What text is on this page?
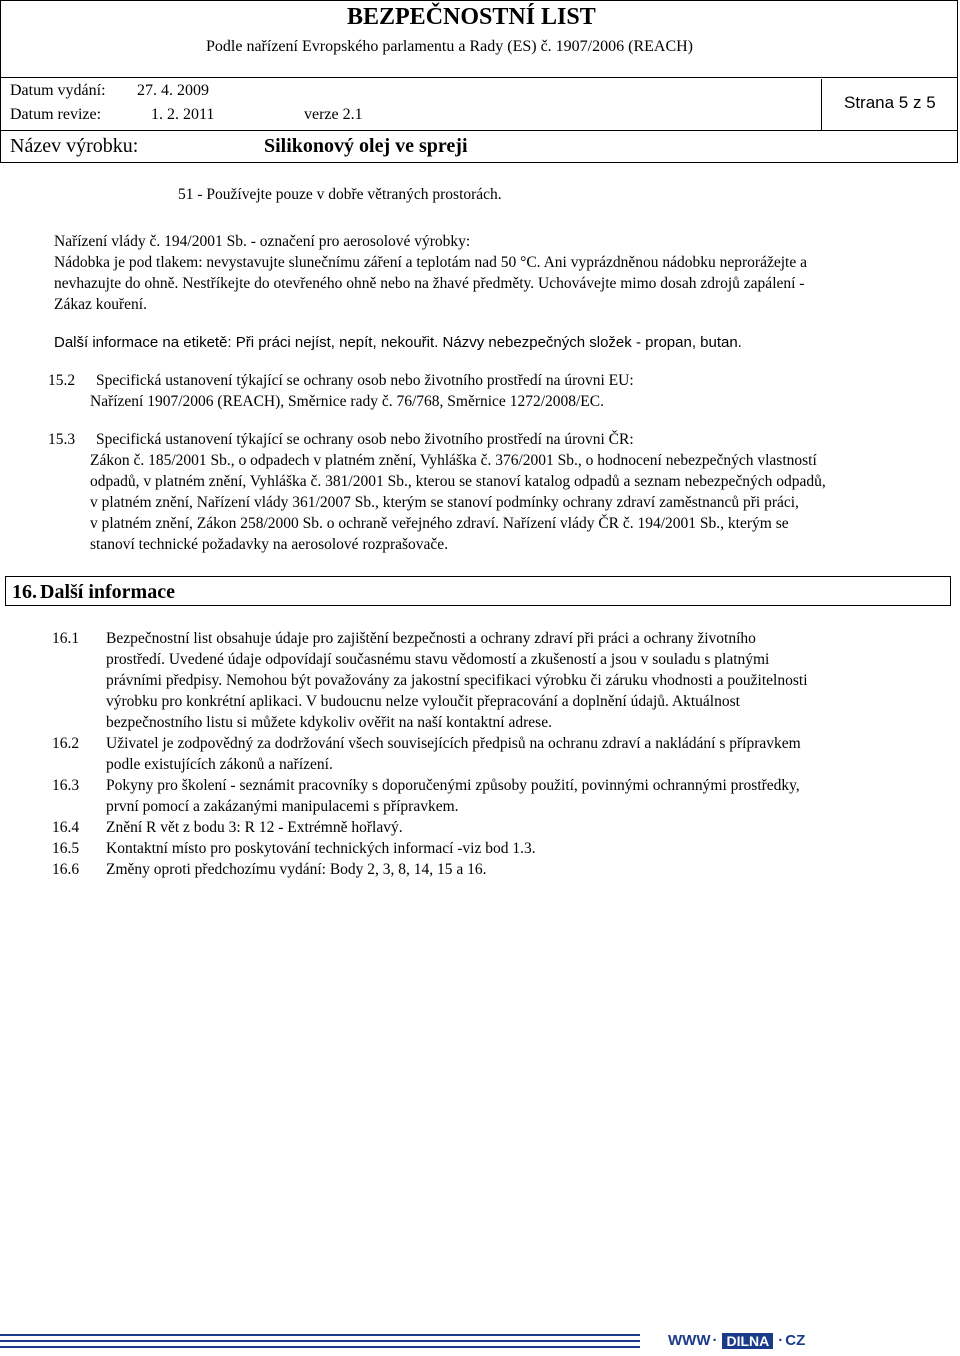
BEZPEČNOSTNÍ LIST
Podle nařízení Evropského parlamentu a Rady (ES) č. 1907/2006 (REACH)
Datum vydání: 27. 4. 2009
Datum revize:	1. 2. 2011	verze 2.1
Strana 5 z 5
Název výrobku:	Silikonový olej ve spreji
51 - Používejte pouze v dobře větraných prostorách.
Nařízení vlády č. 194/2001 Sb. - označení pro aerosolové výrobky:
Nádobka je pod tlakem: nevystavujte slunečnímu záření a teplotám nad 50 °C. Ani vyprázdněnou nádobku neprorážejte a
nevhazujte do ohně. Nestříkejte do otevřeného ohně nebo na žhavé předměty. Uchovávejte mimo dosah zdrojů zapálení -
Zákaz kouření.
Další informace na etiketě: Při práci nejíst, nepít, nekouřit. Názvy nebezpečných složek - propan, butan.
15.2 Specifická ustanovení týkající se ochrany osob nebo životního prostředí na úrovni EU:
Nařízení 1907/2006 (REACH), Směrnice rady č. 76/768, Směrnice 1272/2008/EC.
15.3 Specifická ustanovení týkající se ochrany osob nebo životního prostředí na úrovni ČR:
Zákon č. 185/2001 Sb., o odpadech v platném znění, Vyhláška č. 376/2001 Sb., o hodnocení nebezpečných vlastností
odpadů, v platném znění, Vyhláška č. 381/2001 Sb., kterou se stanoví katalog odpadů a seznam nebezpečných odpadů,
v platném znění, Nařízení vlády 361/2007 Sb., kterým se stanoví podmínky ochrany zdraví zaměstnanců při práci,
v platném znění, Zákon 258/2000 Sb. o ochraně veřejného zdraví. Nařízení vlády ČR č. 194/2001 Sb., kterým se
stanoví technické požadavky na aerosolové rozprašovače.
16. Další informace
16.1 Bezpečnostní list obsahuje údaje pro zajištění bezpečnosti a ochrany zdraví při práci a ochrany životního
prostředí. Uvedené údaje odpovídají současnému stavu vědomostí a zkušeností a jsou v souladu s platnými
právními předpisy. Nemohou být považovány za jakostní specifikaci výrobku či záruku vhodnosti a použitelnosti
výrobku pro konkrétní aplikaci. V budoucnu nelze vyloučit přepracování a doplnění údajů. Aktuálnost
bezpečnostního listu si můžete kdykoliv ověřit na naší kontaktní adrese.
16.2 Uživatel je zodpovědný za dodržování všech souvisejících předpisů na ochranu zdraví a nakládání s přípravkem
podle existujících zákonů a nařízení.
16.3 Pokyny pro školení - seznámit pracovníky s doporučenými způsoby použití, povinnými ochrannými prostředky,
první pomocí a zakázanými manipulacemi s přípravkem.
16.4 Znění R vět z bodu 3: R 12 - Extrémně hořlavý.
16.5 Kontaktní místo pro poskytování technických informací -viz bod 1.3.
16.6 Změny oproti předchozímu vydání: Body 2, 3, 8, 14, 15 a 16.
WWW · DILNA · CZ
